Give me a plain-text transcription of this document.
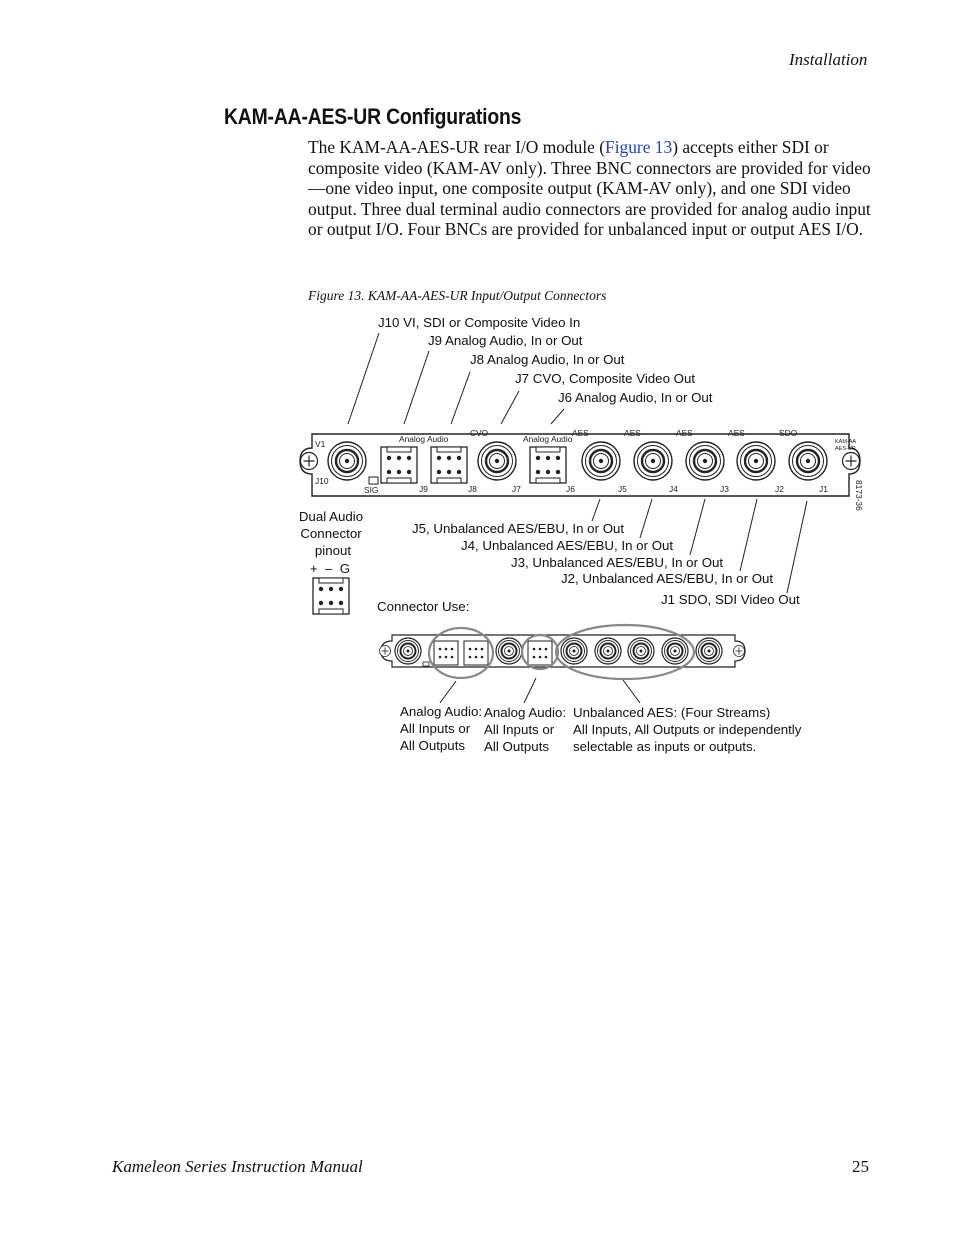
Installation
KAM-AA-AES-UR Configurations
The KAM-AA-AES-UR rear I/O module (Figure 13) accepts either SDI or composite video (KAM-AV only). Three BNC connectors are provided for video—one video input, one composite output (KAM-AV only), and one SDI video output. Three dual terminal audio connectors are provided for analog audio input or output I/O. Four BNCs are provided for unbalanced input or output AES I/O.
Figure 13. KAM-AA-AES-UR Input/Output Connectors
J10 VI, SDI or Composite Video In
J9 Analog Audio, In or Out
J8 Analog Audio, In or Out
J7 CVO, Composite Video Out
J6 Analog Audio, In or Out
V1	Analog Audio
CVO
Analog Audio
AES	AES	AES	AES	SDO
KAM-AA
AES-UR
J10
SIG	J9	J8	J7	J6	J5	J4	J3	J2	J1	8173-36
J5, Unbalanced AES/EBU, In or Out
J4, Unbalanced AES/EBU, In or Out
J3, Unbalanced AES/EBU, In or Out
J2, Unbalanced AES/EBU, In or Out
J1 SDO, SDI Video Out
Dual Audio
Connector
pinout
+  –  G
Connector Use:
Analog Audio:
All Inputs or
All Outputs
Analog Audio:
All Inputs or
All Outputs
Unbalanced AES: (Four Streams)
All Inputs, All Outputs or independently
selectable as inputs or outputs.
Kameleon Series Instruction Manual	25
